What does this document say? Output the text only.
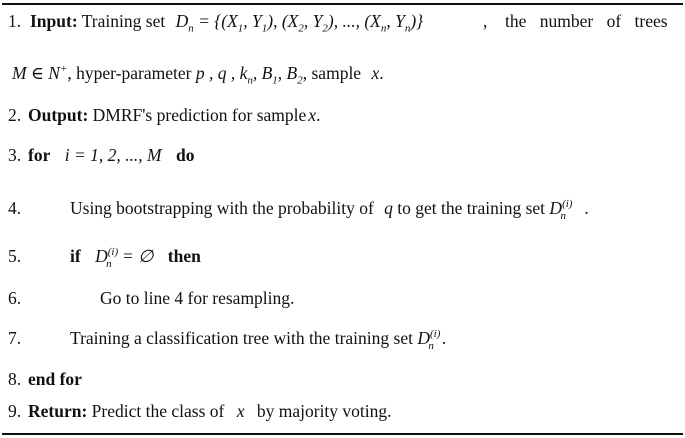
1. Input: Training set $D_n = \{(X_1$, $Y_1$), ($X_2$, $Y_2$), ..., ($X_n$, $Y_n$)}	, the number of trees
M ∈ N+, hyper-parameter p , q , $k_n$, $B_1$, $B_2$, sample x.
2. Output: DMRF's prediction for sample x.
3. for i = 1, 2, ..., M do
4.	Using bootstrapping with the probability of q to get the training set $D^{(i)}_n$ .
5.	if $D^{(i)}_n$ = ∅ then
6.	Go to line 4 for resampling.
7.	Training a classification tree with the training set $D^{(i)}_n$ .
8. end for
9. Return: Predict the class of x by majority voting.
